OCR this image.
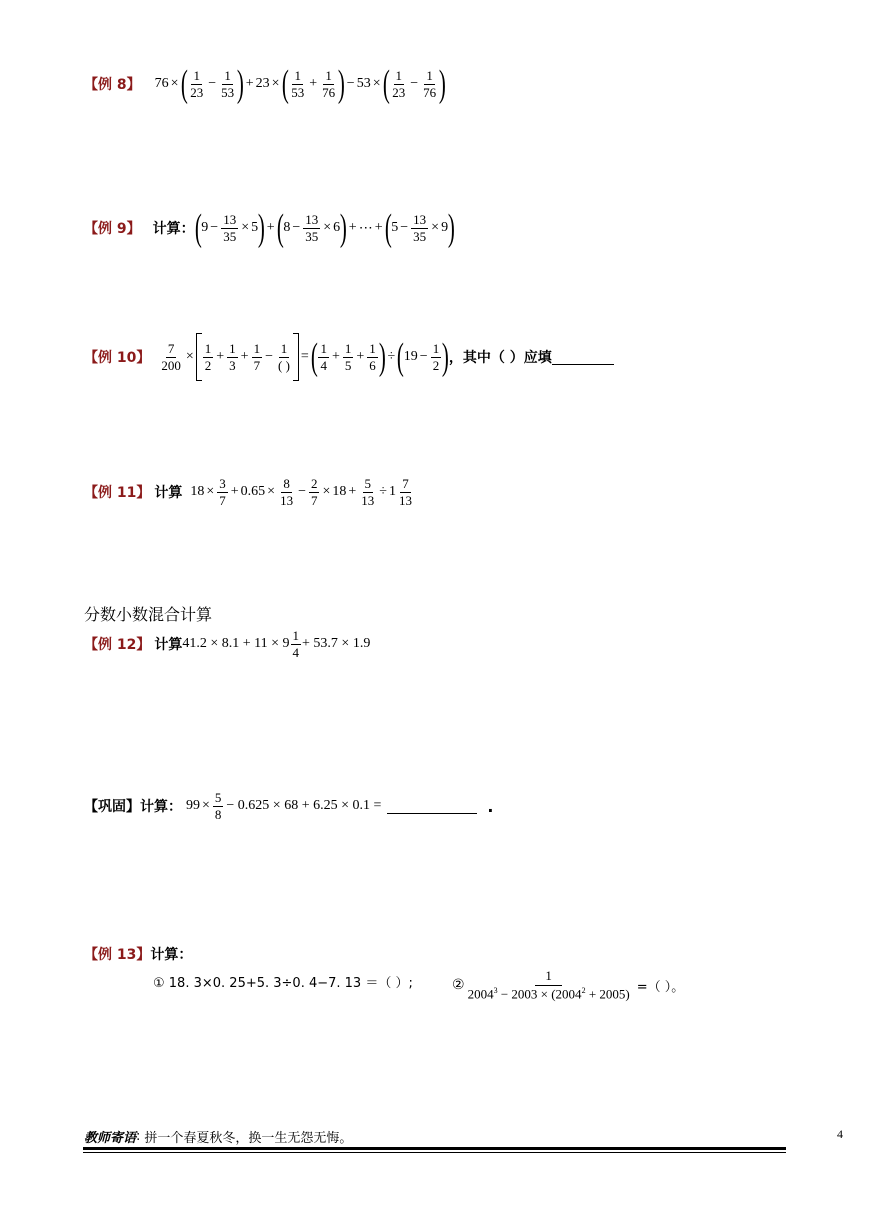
【例 8】 76 × ( $\frac{1}{23} - \frac{1}{53}$ ) + 23 × ( $\frac{1}{53} + \frac{1}{76}$ ) − 53 × ( $\frac{1}{23} - \frac{1}{76}$ )
【例 9】 计算： ( $9 - \frac{13}{35} \times 5$ ) + ( $8 - \frac{13}{35} \times 6$ ) + ⋯ + ( $5 - \frac{13}{35} \times 9$ )
【例 10】 $\frac{7}{200} \times \frac{1}{2} + \frac{1}{3} + \frac{1}{7} - \frac{1}{( )}$ = ( $\frac{1}{4} + \frac{1}{5} + \frac{1}{6}$ ) ÷ ( $19 - \frac{1}{2}$ ) ，其中（ ）应填
【例 11】 计算 $18 \times \frac{3}{7} + 0.65 \times \frac{8}{13} - \frac{2}{7} \times 18 + \frac{5}{13} \div 1 \frac{7}{13}$
分数小数混合计算
【例 12】 计算 $41.2 \times 8.1 + 11 \times 9 \frac{1}{4} + 53.7 \times 1.9$
【巩固】 计算： $99 \times \frac{5}{8} - 0.625 \times 68 + 6.25 \times 0.1$ =	.
【例 13】 计算：
① 18. 3×0. 25+5. 3÷0. 4−7. 13 ＝（ ）;	② $\frac{1}{2004^3 - 2003 \times (2004^2 + 2005)}$ =（ ）。
教师寄语 : 拼一个春夏秋冬，换一生无怨无悔。	4
